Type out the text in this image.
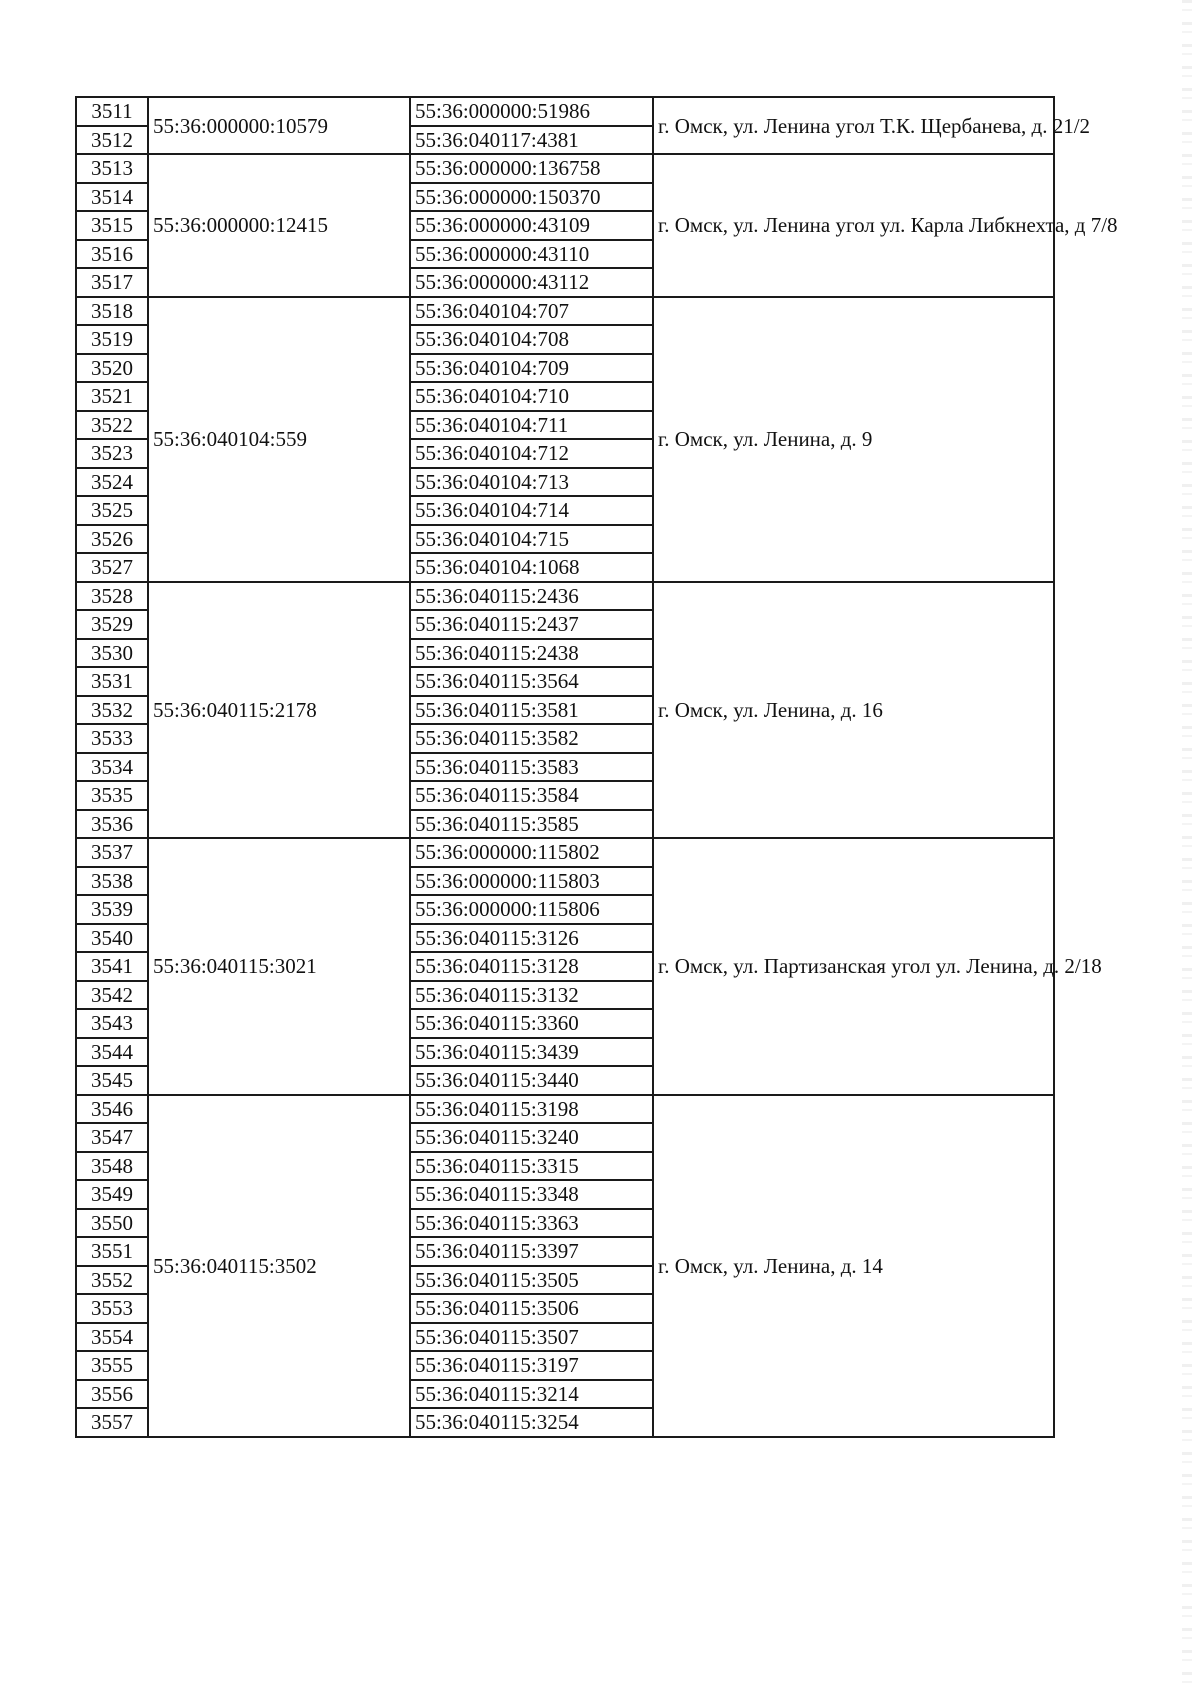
3511	55:36:000000:10579	55:36:000000:51986	г. Омск, ул. Ленина угол Т.К. Щербанева, д. 21/2
3512		55:36:040117:4381	
3513	55:36:000000:12415	55:36:000000:136758	г. Омск, ул. Ленина угол ул. Карла Либкнехта, д 7/8
3514		55:36:000000:150370	
3515		55:36:000000:43109	
3516		55:36:000000:43110	
3517		55:36:000000:43112	
3518	55:36:040104:559	55:36:040104:707	г. Омск, ул. Ленина, д. 9
3519		55:36:040104:708	
3520		55:36:040104:709	
3521		55:36:040104:710	
3522		55:36:040104:711	
3523		55:36:040104:712	
3524		55:36:040104:713	
3525		55:36:040104:714	
3526		55:36:040104:715	
3527		55:36:040104:1068	
3528	55:36:040115:2178	55:36:040115:2436	г. Омск, ул. Ленина, д. 16
3529		55:36:040115:2437	
3530		55:36:040115:2438	
3531		55:36:040115:3564	
3532		55:36:040115:3581	
3533		55:36:040115:3582	
3534		55:36:040115:3583	
3535		55:36:040115:3584	
3536		55:36:040115:3585	
3537	55:36:040115:3021	55:36:000000:115802	г. Омск, ул. Партизанская угол ул. Ленина, д. 2/18
3538		55:36:000000:115803	
3539		55:36:000000:115806	
3540		55:36:040115:3126	
3541		55:36:040115:3128	
3542		55:36:040115:3132	
3543		55:36:040115:3360	
3544		55:36:040115:3439	
3545		55:36:040115:3440	
3546	55:36:040115:3502	55:36:040115:3198	г. Омск, ул. Ленина, д. 14
3547		55:36:040115:3240	
3548		55:36:040115:3315	
3549		55:36:040115:3348	
3550		55:36:040115:3363	
3551		55:36:040115:3397	
3552		55:36:040115:3505	
3553		55:36:040115:3506	
3554		55:36:040115:3507	
3555		55:36:040115:3197	
3556		55:36:040115:3214	
3557		55:36:040115:3254	
